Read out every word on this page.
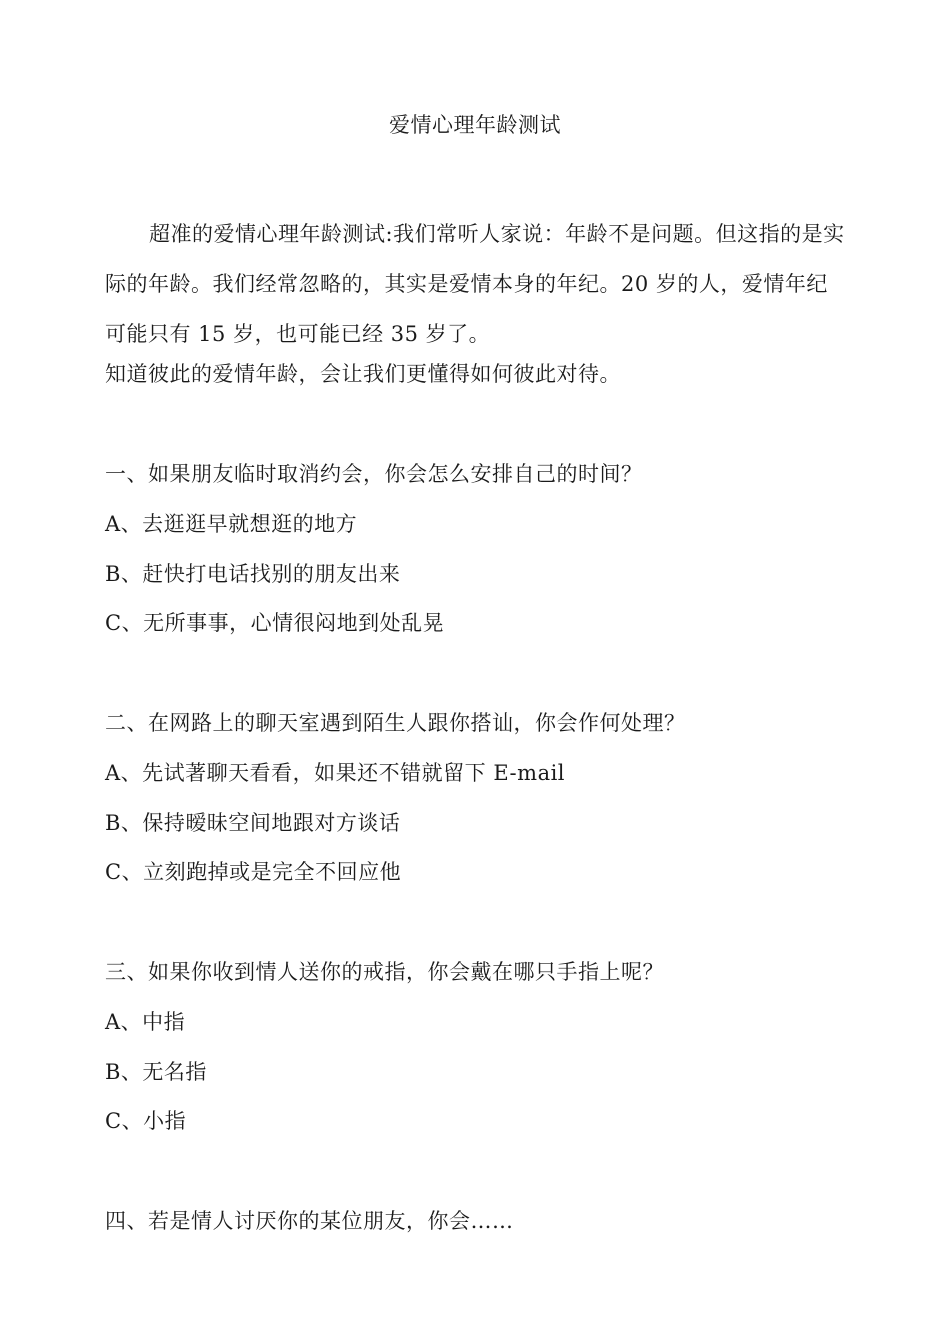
爱情心理年龄测试

超准的爱情心理年龄测试:我们常听人家说：年龄不是问题。但这指的是实际的年龄。我们经常忽略的，其实是爱情本身的年纪。20 岁的人，爱情年纪可能只有 15 岁，也可能已经 35 岁了。

知道彼此的爱情年龄，会让我们更懂得如何彼此对待。

一、如果朋友临时取消约会，你会怎么安排自己的时间？

A、去逛逛早就想逛的地方

B、赶快打电话找别的朋友出来

C、无所事事，心情很闷地到处乱晃

二、在网路上的聊天室遇到陌生人跟你搭讪，你会作何处理？

A、先试著聊天看看，如果还不错就留下 E-mail

B、保持暧昧空间地跟对方谈话

C、立刻跑掉或是完全不回应他

三、如果你收到情人送你的戒指，你会戴在哪只手指上呢？

A、中指

B、无名指

C、小指

四、若是情人讨厌你的某位朋友，你会……
